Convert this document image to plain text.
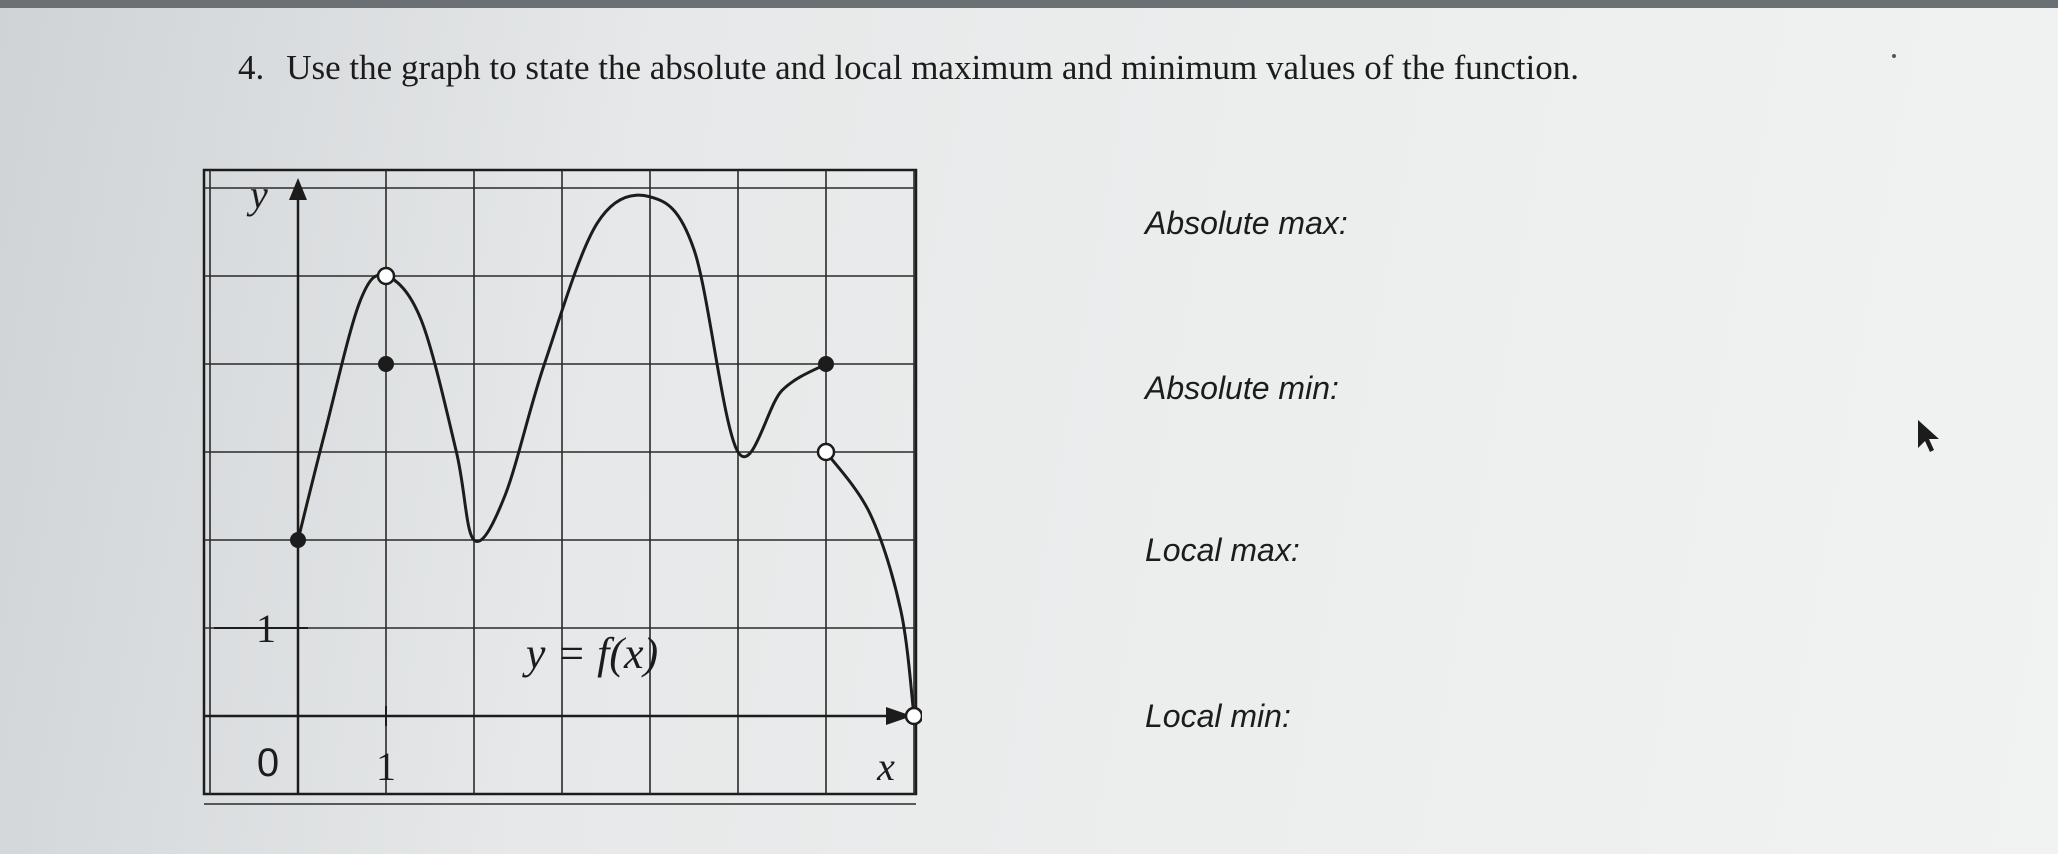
4. Use the graph to state the absolute and local maximum and minimum values of the function.
Absolute max:
Absolute min:
Local max:
Local min:
y
x
0 1
1
y = f(x)
